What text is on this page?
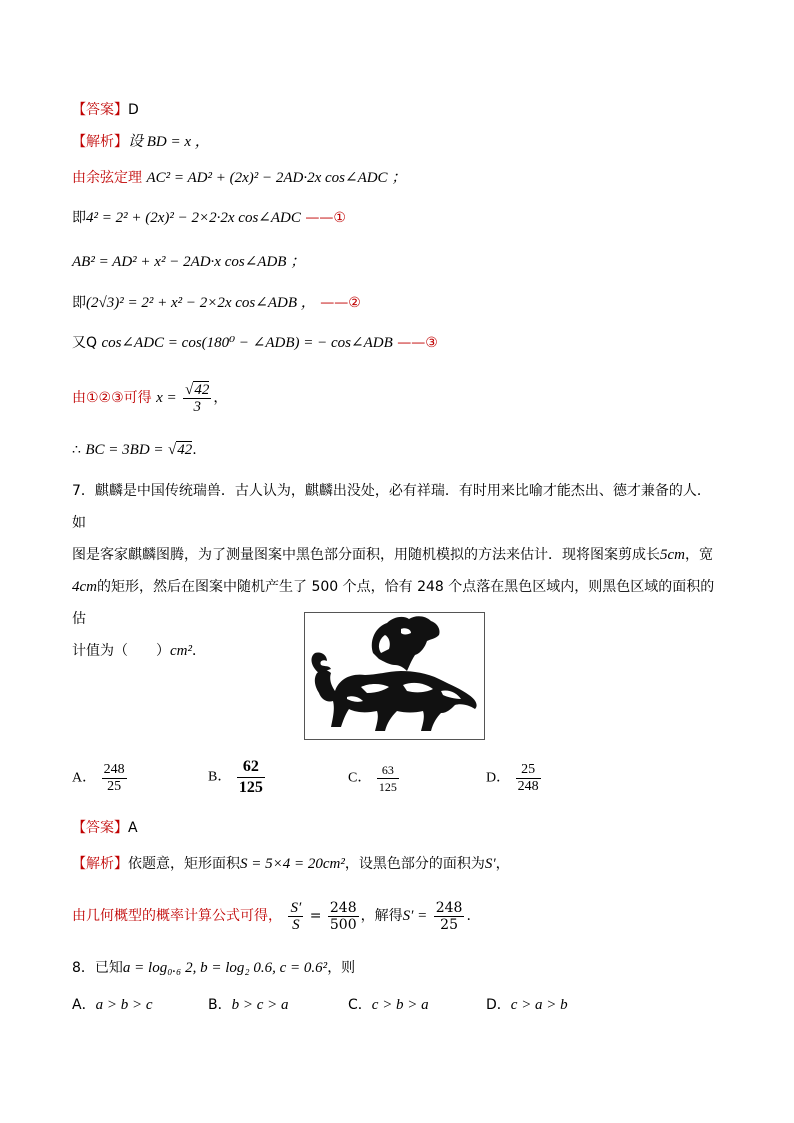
【答案】D
【解析】设 BD = x ，
由余弦定理 AC² = AD² + (2x)² − 2AD·2x cos∠ADC ；
即4² = 2² + (2x)² − 2×2·2x cos∠ADC ——①
AB² = AD² + x² − 2AD·x cos∠ADB ；
即(2√3)² = 2² + x² − 2×2x cos∠ADB ， ——②
又Q cos∠ADC = cos(180⁰ − ∠ADB) = − cos∠ADB ——③
由①②③可得 $x = \frac{√42}{3}$ ，
∴ BC = 3BD = √42.
7．麒麟是中国传统瑞兽．古人认为，麒麟出没处，必有祥瑞．有时用来比喻才能杰出、德才兼备的人．如
图是客家麒麟图腾，为了测量图案中黑色部分面积，用随机模拟的方法来估计．现将图案剪成长5cm，宽
4cm的矩形，然后在图案中随机产生了 500 个点，恰有 248 个点落在黑色区域内，则黑色区域的面积的估
计值为（　　）cm²．
A． $\frac{248}{25}$	B． $\frac{62}{125}$	C． $\frac{63}{125}$	D． $\frac{25}{248}$
【答案】A
【解析】依题意，矩形面积S = 5×4 = 20cm²，设黑色部分的面积为S′，
由几何概型的概率计算公式可得， $\frac{S'}{S} = \frac{248}{500}$ ，解得$S' = \frac{248}{25}$ .
8．已知a = log₀.₆ 2, b = log₂ 0.6, c = 0.6²，则
A．a > b > c	B．b > c > a	C．c > b > a	D．c > a > b
